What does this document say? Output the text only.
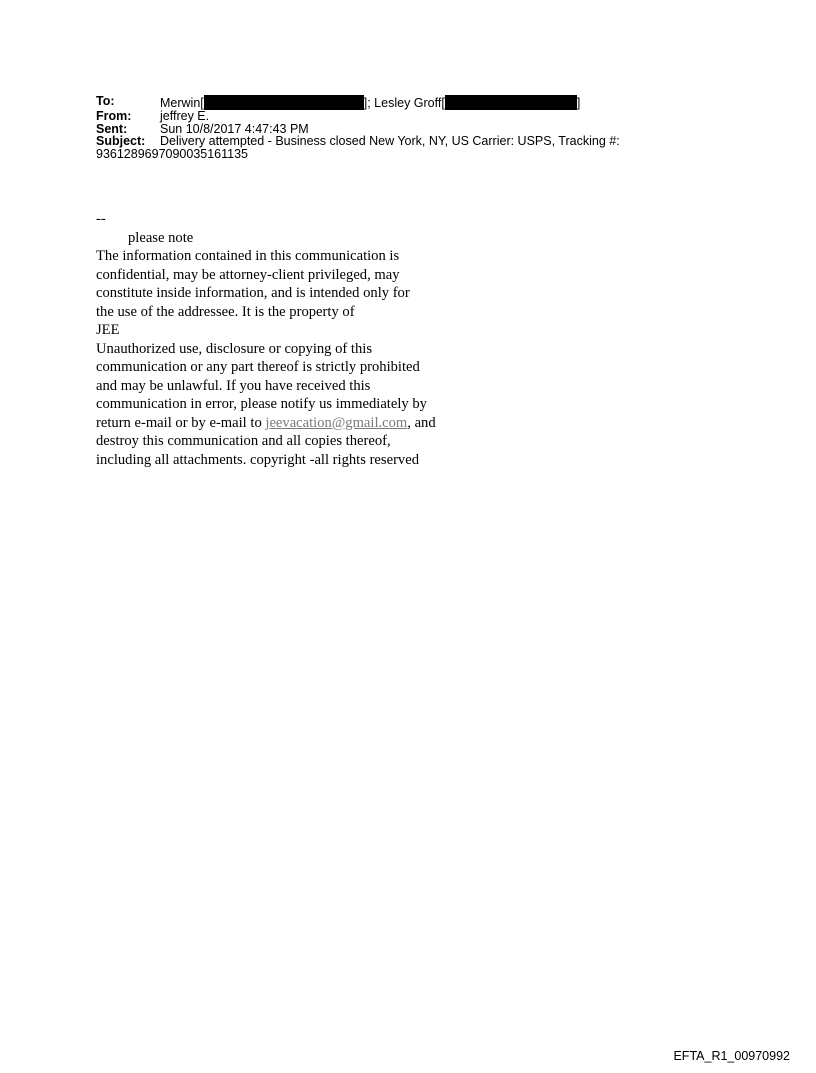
To:	Merwin[	]; Lesley Groff[	]
From:	jeffrey E.
Sent:	Sun 10/8/2017 4:47:43 PM
Subject:	Delivery attempted - Business closed New York, NY, US Carrier: USPS, Tracking #:
9361289697090035161135
--
please note
The information contained in this communication is
confidential, may be attorney-client privileged, may
constitute inside information, and is intended only for
the use of the addressee. It is the property of
JEE
Unauthorized use, disclosure or copying of this
communication or any part thereof is strictly prohibited
and may be unlawful. If you have received this
communication in error, please notify us immediately by
return e-mail or by e-mail to jeevacation@gmail.com, and
destroy this communication and all copies thereof,
including all attachments. copyright -all rights reserved
EFTA_R1_00970992
